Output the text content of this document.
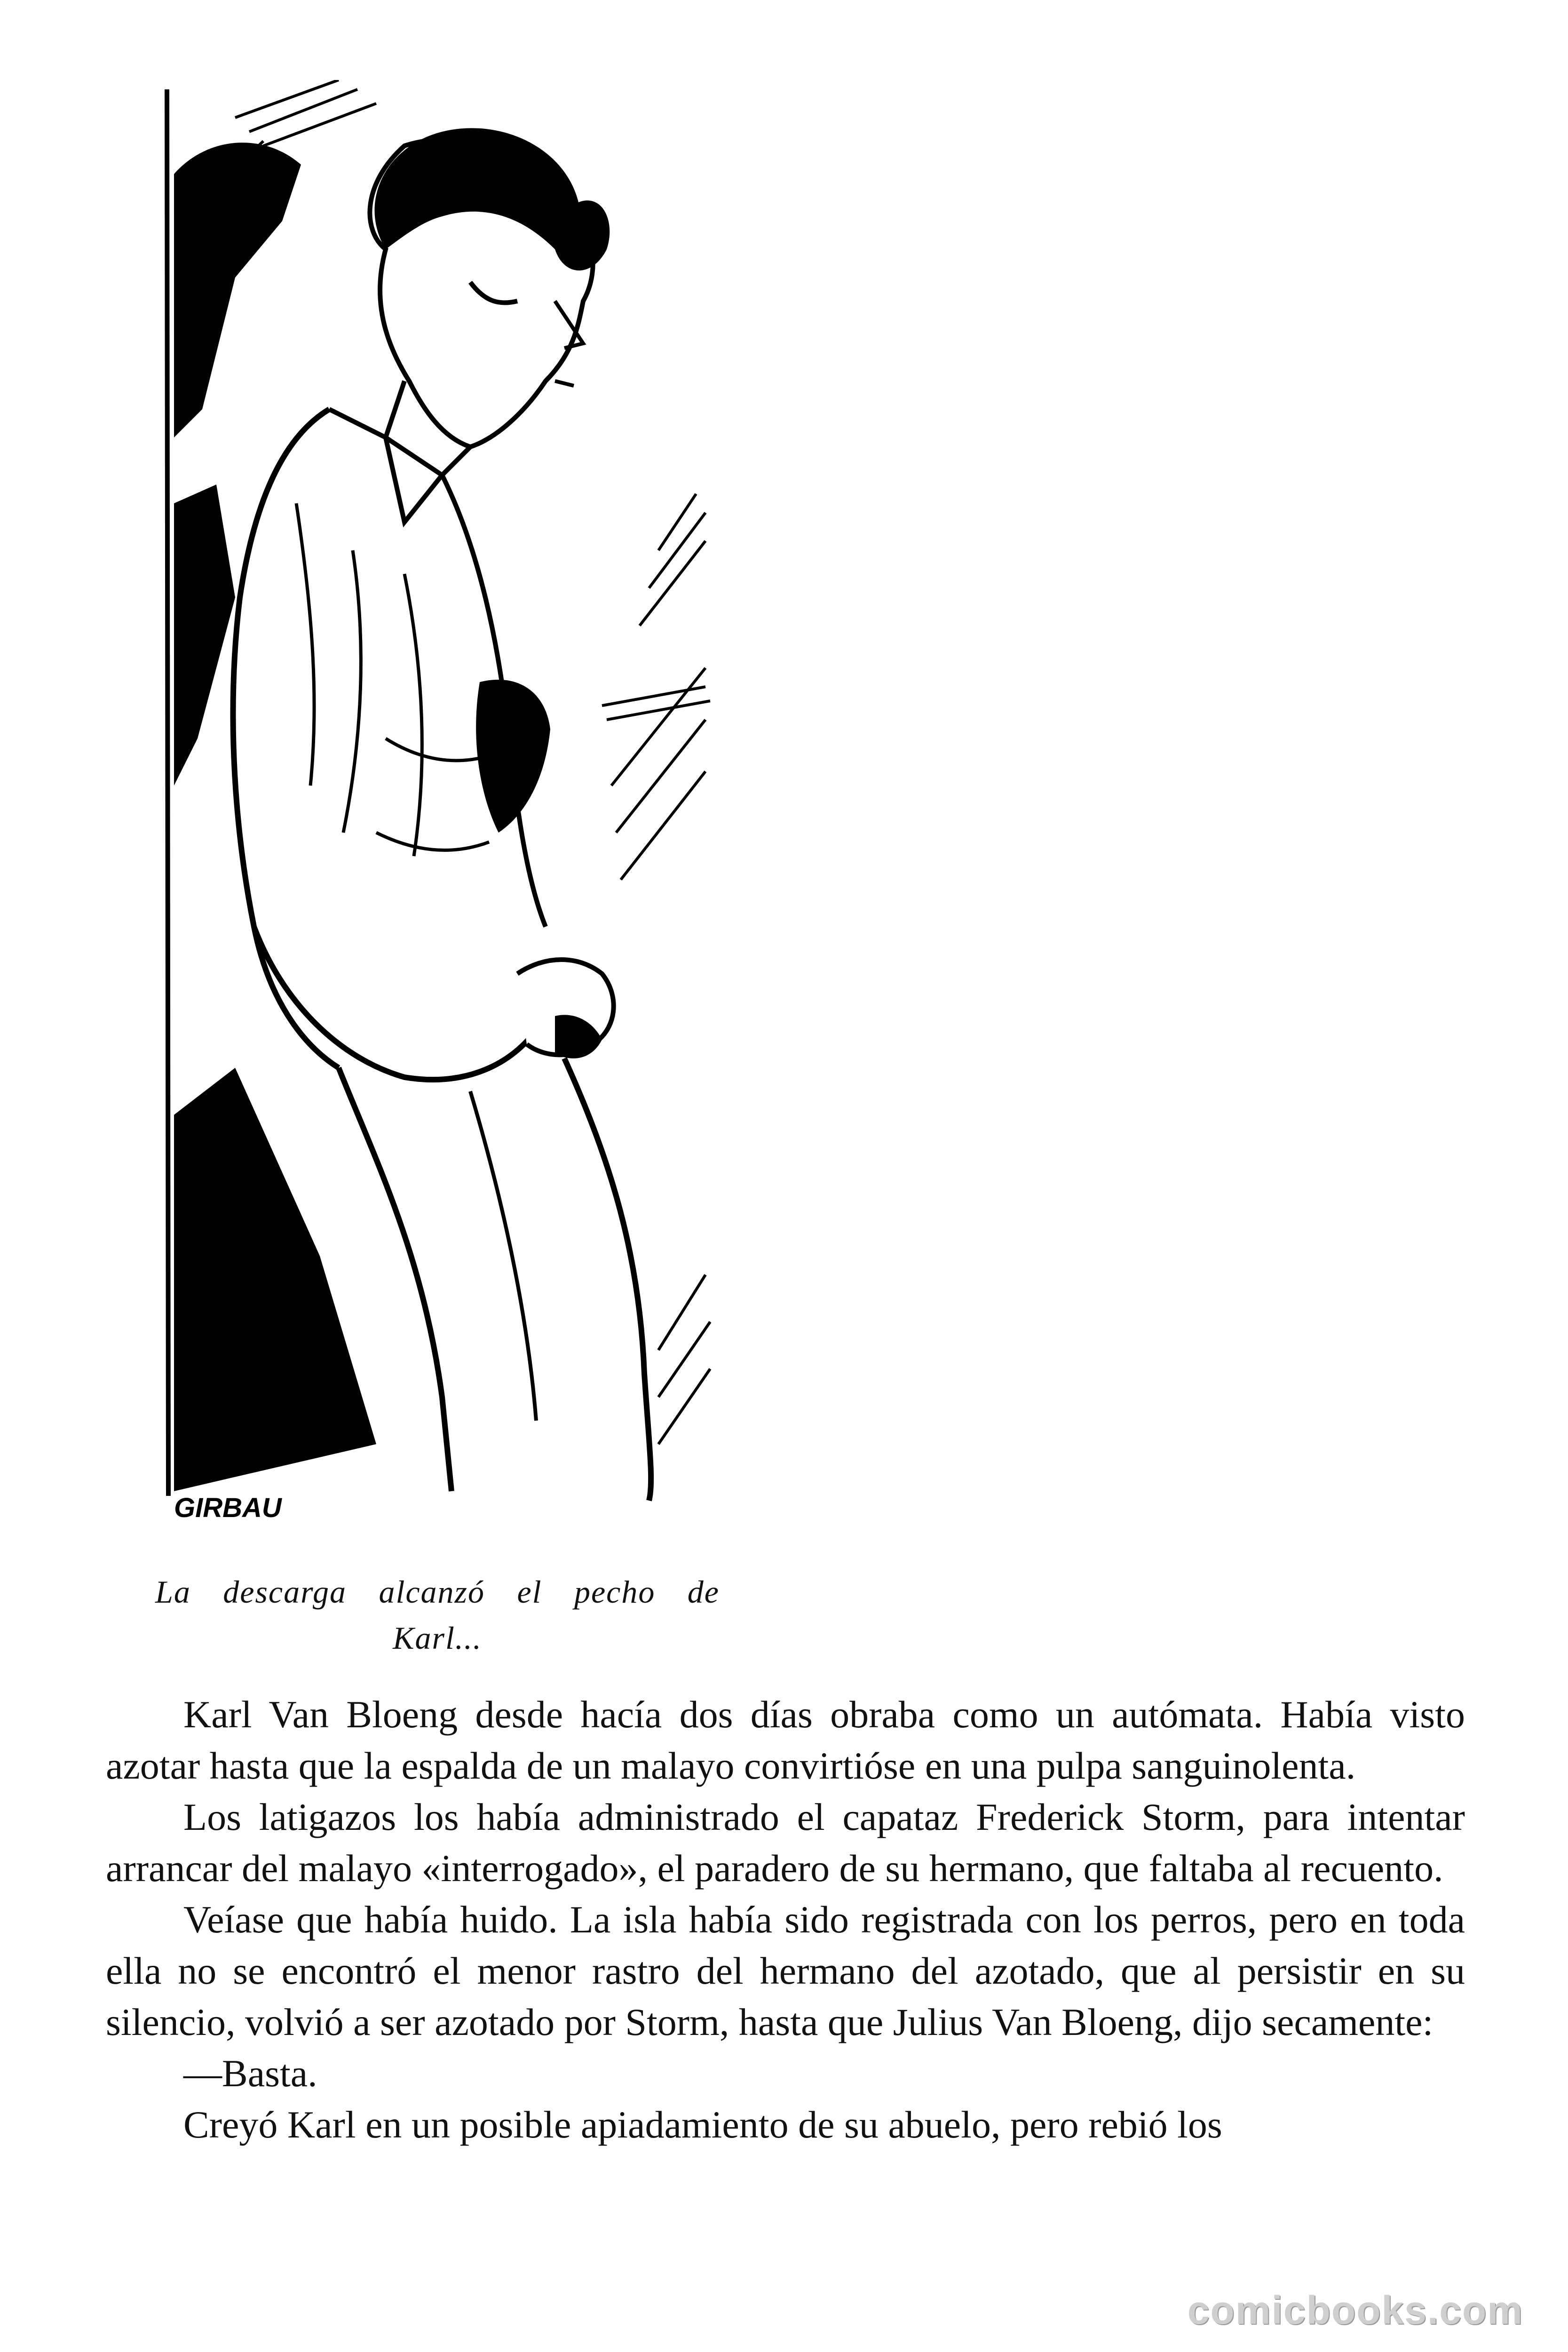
GIRBAU
La descarga alcanzó el pecho de
Karl...

Karl Van Bloeng desde hacía dos días obraba como un autómata. Había visto azotar hasta que la espalda de un malayo convirtióse en una pulpa sanguinolenta.

Los latigazos los había administrado el capataz Frederick Storm, para intentar arrancar del malayo «interrogado», el paradero de su hermano, que faltaba al recuento.

Veíase que había huido. La isla había sido registrada con los perros, pero en toda ella no se encontró el menor rastro del hermano del azotado, que al persistir en su silencio, volvió a ser azotado por Storm, hasta que Julius Van Bloeng, dijo secamente:

—Basta.

Creyó Karl en un posible apiadamiento de su abuelo, pero rebió los

comicbooks.com
